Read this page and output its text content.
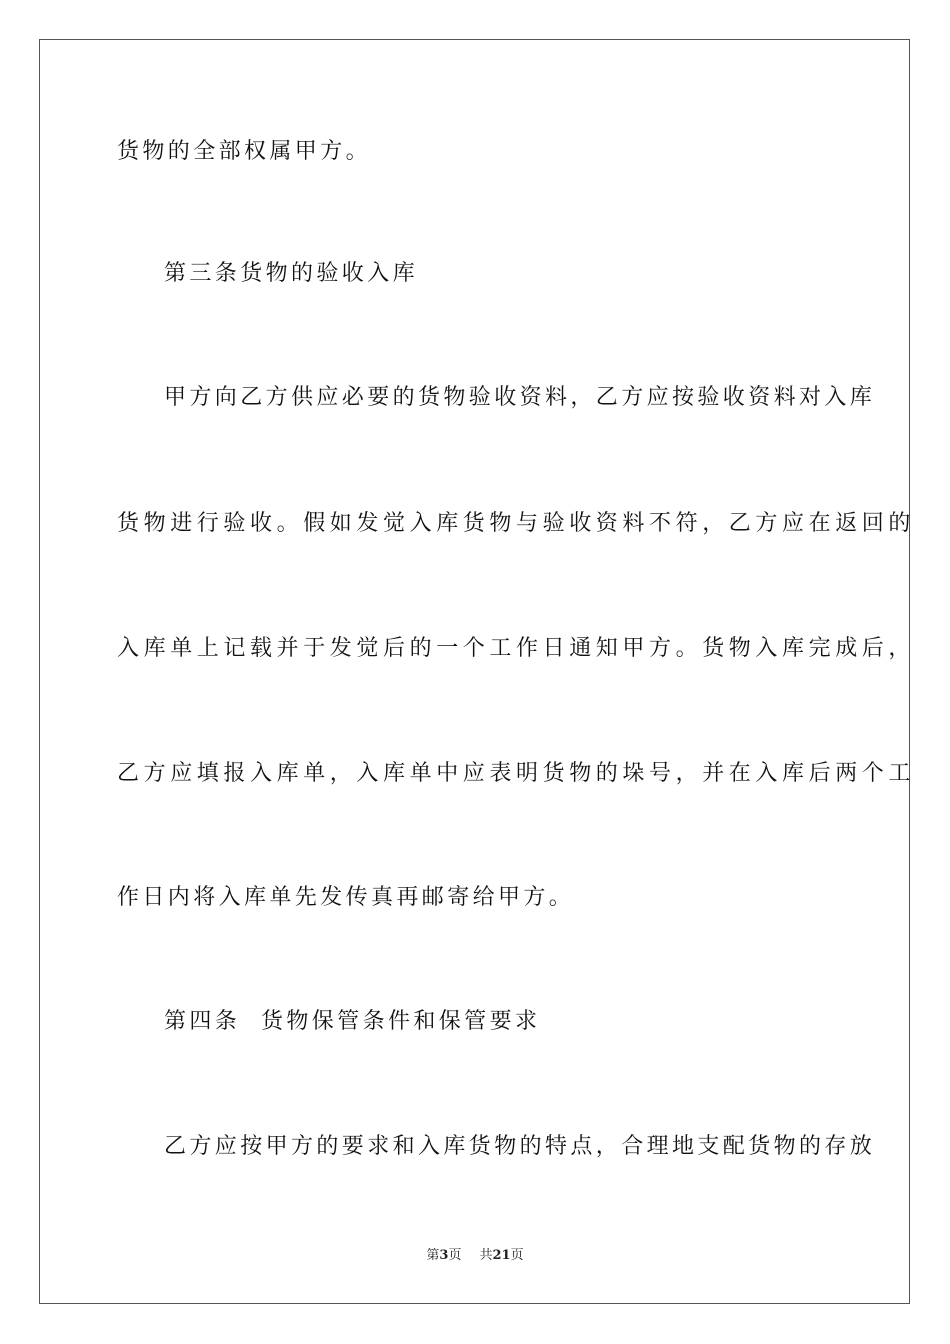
货物的全部权属甲方。
第三条货物的验收入库
甲方向乙方供应必要的货物验收资料，乙方应按验收资料对入库
货物进行验收。假如发觉入库货物与验收资料不符，乙方应在返回的
入库单上记载并于发觉后的一个工作日通知甲方。货物入库完成后，
乙方应填报入库单，入库单中应表明货物的垛号，并在入库后两个工
作日内将入库单先发传真再邮寄给甲方。
第四条  货物保管条件和保管要求
乙方应按甲方的要求和入库货物的特点，合理地支配货物的存放
第3页 共21页
